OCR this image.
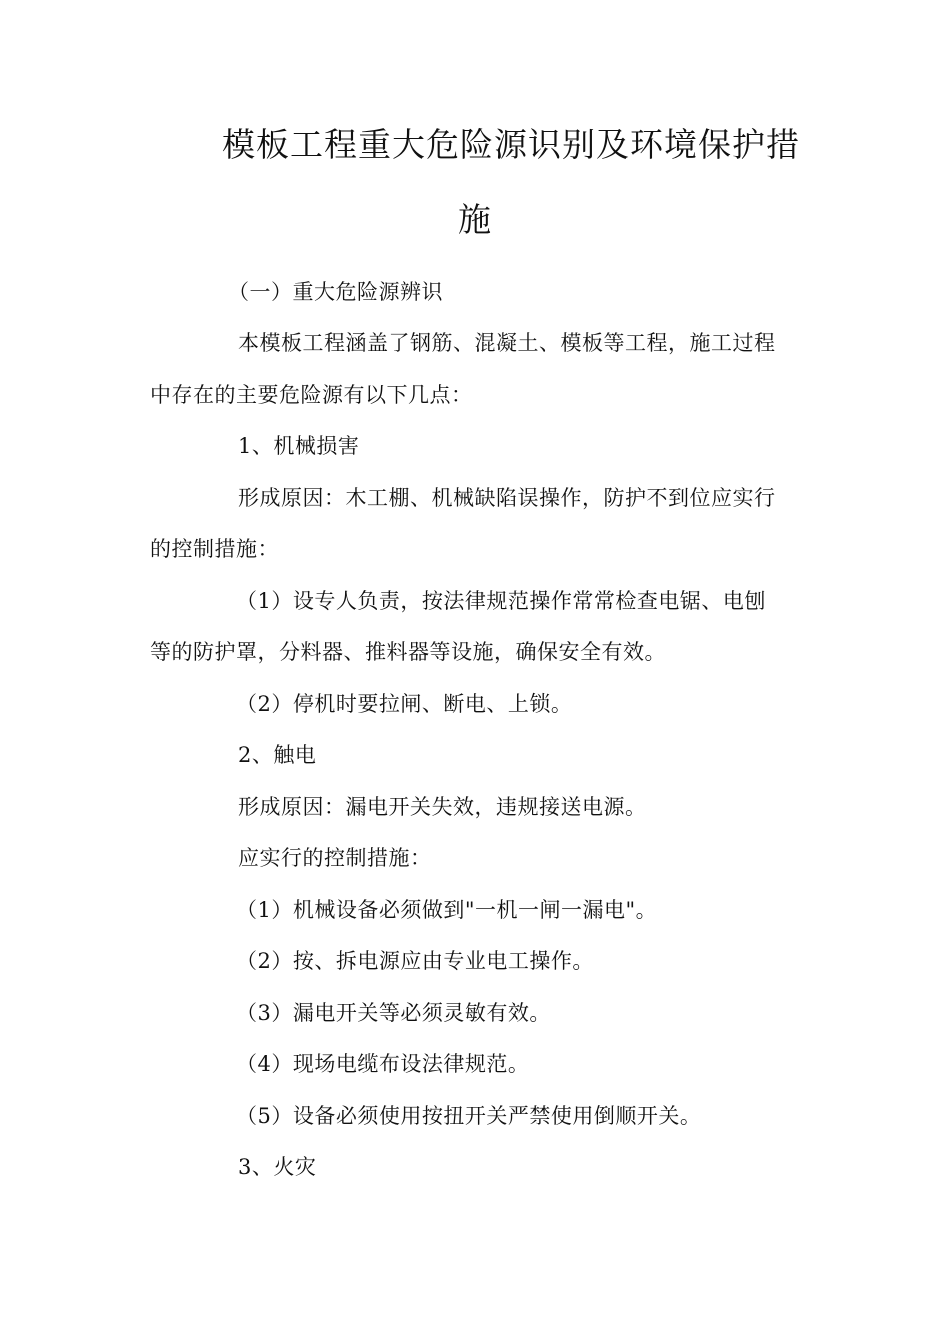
模板工程重大危险源识别及环境保护措
施
（一）重大危险源辨识
本模板工程涵盖了钢筋、混凝土、模板等工程，施工过程
中存在的主要危险源有以下几点：
1、机械损害
形成原因：木工棚、机械缺陷误操作，防护不到位应实行
的控制措施：
（1）设专人负责，按法律规范操作常常检查电锯、电刨
等的防护罩，分料器、推料器等设施，确保安全有效。
（2）停机时要拉闸、断电、上锁。
2、触电
形成原因：漏电开关失效，违规接送电源。
应实行的控制措施：
（1）机械设备必须做到"一机一闸一漏电"。
（2）按、拆电源应由专业电工操作。
（3）漏电开关等必须灵敏有效。
（4）现场电缆布设法律规范。
（5）设备必须使用按扭开关严禁使用倒顺开关。
3、火灾
